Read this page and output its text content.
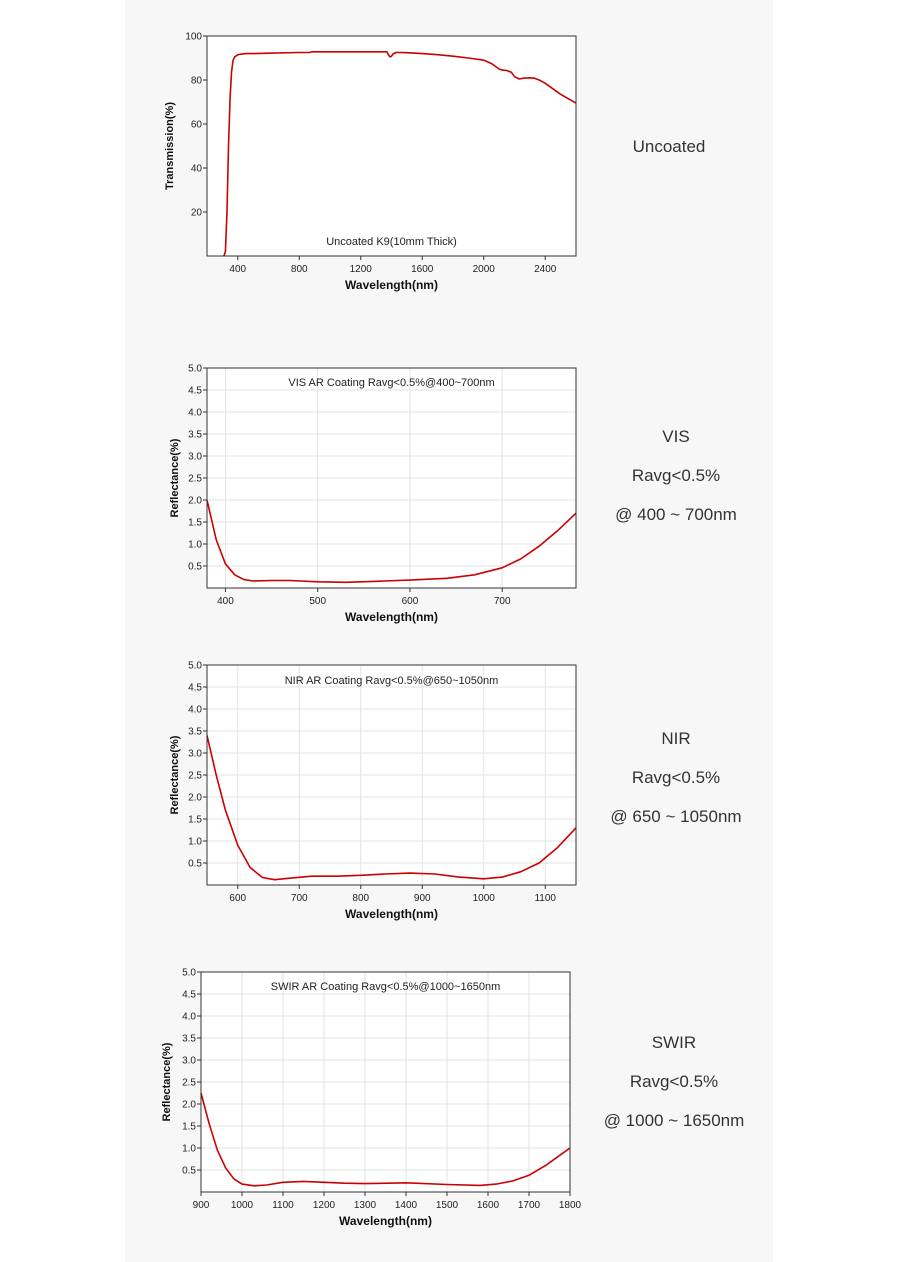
400	800	1200	1600	2000	2400
20
40
60
80
100
Uncoated K9(10mm Thick)
Wavelength(nm)
Transmission(%)
400	500	600	700
0.5
1.0
1.5
2.0
2.5
3.0
3.5
4.0
4.5
5.0
VIS AR Coating Ravg<0.5%@400~700nm
Wavelength(nm)
Reflectance(%)
600	700	800	900	1000	1100
0.5
1.0
1.5
2.0
2.5
3.0
3.5
4.0
4.5
5.0
NIR AR Coating Ravg<0.5%@650~1050nm
Wavelength(nm)
Reflectance(%)
900 1000 1100 1200 1300 1400 1500 1600 1700 1800
0.5
1.0
1.5
2.0
2.5
3.0
3.5
4.0
4.5
5.0
SWIR AR Coating Ravg<0.5%@1000~1650nm
Wavelength(nm)
Reflectance(%)
Uncoated
VIS
Ravg<0.5%
@ 400 ~ 700nm
NIR
Ravg<0.5%
@ 650 ~ 1050nm
SWIR
Ravg<0.5%
@ 1000 ~ 1650nm
